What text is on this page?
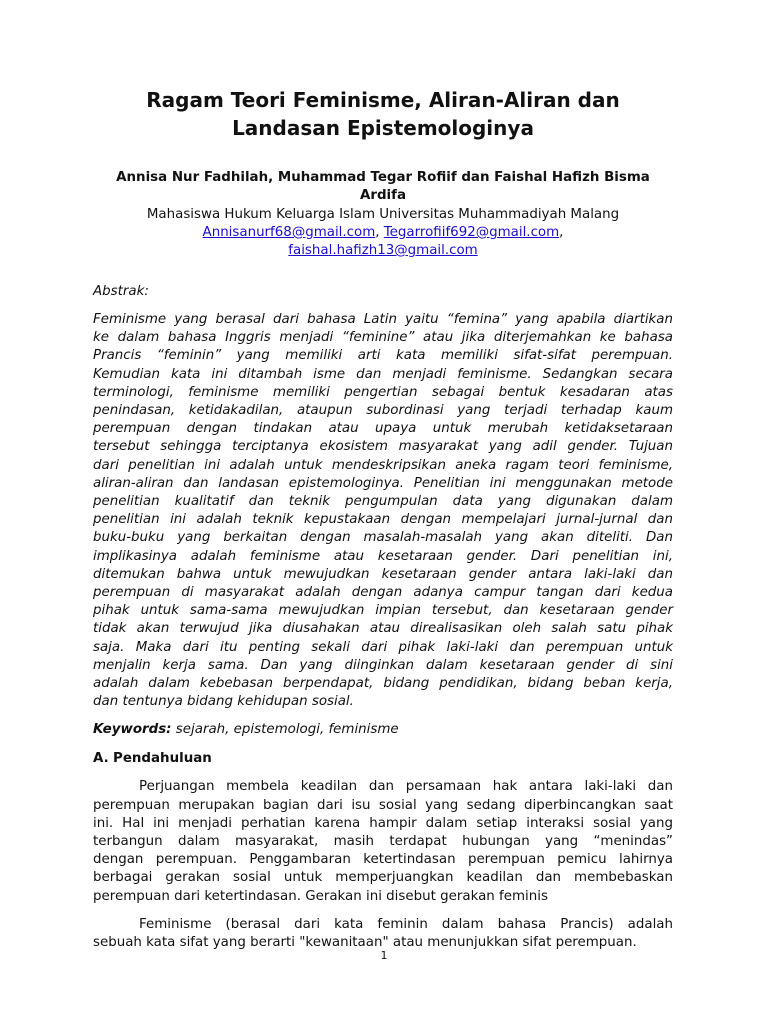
Ragam Teori Feminisme, Aliran-Aliran dan
Landasan Epistemologinya
Annisa Nur Fadhilah, Muhammad Tegar Rofiif dan Faishal Hafizh Bisma
Ardifa
Mahasiswa Hukum Keluarga Islam Universitas Muhammadiyah Malang
Annisanurf68@gmail.com, Tegarrofiif692@gmail.com,
faishal.hafizh13@gmail.com
Abstrak:
Feminisme yang berasal dari bahasa Latin yaitu “femina” yang apabila diartikan
ke dalam bahasa Inggris menjadi “feminine” atau jika diterjemahkan ke bahasa
Prancis “feminin” yang memiliki arti kata memiliki sifat-sifat perempuan.
Kemudian kata ini ditambah isme dan menjadi feminisme. Sedangkan secara
terminologi, feminisme memiliki pengertian sebagai bentuk kesadaran atas
penindasan, ketidakadilan, ataupun subordinasi yang terjadi terhadap kaum
perempuan dengan tindakan atau upaya untuk merubah ketidaksetaraan
tersebut sehingga terciptanya ekosistem masyarakat yang adil gender. Tujuan
dari penelitian ini adalah untuk mendeskripsikan aneka ragam teori feminisme,
aliran-aliran dan landasan epistemologinya. Penelitian ini menggunakan metode
penelitian kualitatif dan teknik pengumpulan data yang digunakan dalam
penelitian ini adalah teknik kepustakaan dengan mempelajari jurnal-jurnal dan
buku-buku yang berkaitan dengan masalah-masalah yang akan diteliti. Dan
implikasinya adalah feminisme atau kesetaraan gender. Dari penelitian ini,
ditemukan bahwa untuk mewujudkan kesetaraan gender antara laki-laki dan
perempuan di masyarakat adalah dengan adanya campur tangan dari kedua
pihak untuk sama-sama mewujudkan impian tersebut, dan kesetaraan gender
tidak akan terwujud jika diusahakan atau direalisasikan oleh salah satu pihak
saja. Maka dari itu penting sekali dari pihak laki-laki dan perempuan untuk
menjalin kerja sama. Dan yang diinginkan dalam kesetaraan gender di sini
adalah dalam kebebasan berpendapat, bidang pendidikan, bidang beban kerja,
dan tentunya bidang kehidupan sosial.
Keywords: sejarah, epistemologi, feminisme
A. Pendahuluan
Perjuangan membela keadilan dan persamaan hak antara laki-laki dan
perempuan merupakan bagian dari isu sosial yang sedang diperbincangkan saat
ini. Hal ini menjadi perhatian karena hampir dalam setiap interaksi sosial yang
terbangun dalam masyarakat, masih terdapat hubungan yang “menindas”
dengan perempuan. Penggambaran ketertindasan perempuan pemicu lahirnya
berbagai gerakan sosial untuk memperjuangkan keadilan dan membebaskan
perempuan dari ketertindasan. Gerakan ini disebut gerakan feminis
Feminisme (berasal dari kata feminin dalam bahasa Prancis) adalah
sebuah kata sifat yang berarti "kewanitaan" atau menunjukkan sifat perempuan.
1
